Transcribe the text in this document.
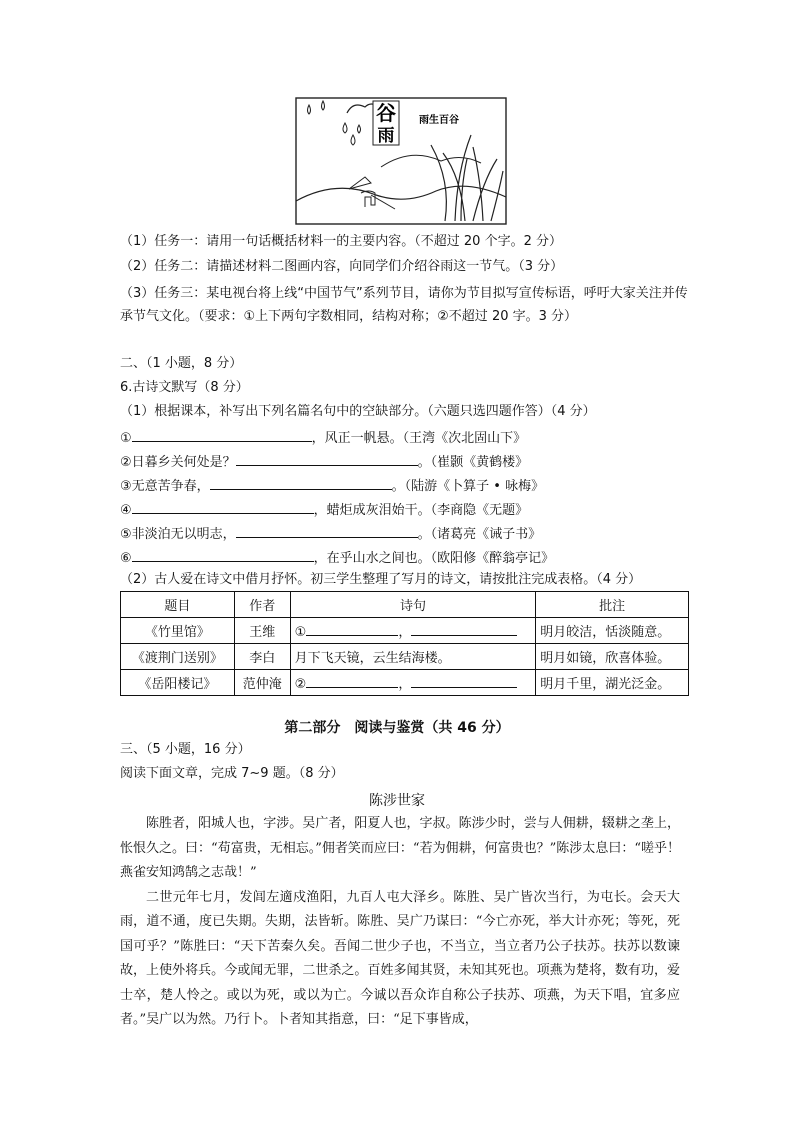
谷
雨
雨生百谷
（1）任务一：请用一句话概括材料一的主要内容。（不超过 20 个字。2 分）
（2）任务二：请描述材料二图画内容，向同学们介绍谷雨这一节气。（3 分）
（3）任务三：某电视台将上线“中国节气”系列节目，请你为节目拟写宣传标语，呼吁大家关注并传承节气文化。（要求：①上下两句字数相同，结构对称；②不超过 20 字。3 分）
二、（1 小题，8 分）
6.古诗文默写（8 分）
（1）根据课本，补写出下列名篇名句中的空缺部分。（六题只选四题作答）（4 分）
①	，风正一帆悬。（王湾《次北固山下》
②日暮乡关何处是？	。（崔颢《黄鹤楼》
③无意苦争春，	。（陆游《卜算子 • 咏梅》
④	，蜡炬成灰泪始干。（李商隐《无题》
⑤非淡泊无以明志，	。（诸葛亮《诫子书》
⑥	，在乎山水之间也。（欧阳修《醉翁亭记》
（2）古人爱在诗文中借月抒怀。初三学生整理了写月的诗文，请按批注完成表格。（4 分）
题目	作者	诗句	批注
《竹里馆》	王维	① ，	明月皎洁，恬淡随意。
《渡荆门送别》	李白	月下飞天镜，云生结海楼。	明月如镜，欣喜体验。
《岳阳楼记》	范仲淹	② ，	明月千里，湖光泛金。
第二部分　阅读与鉴赏（共 46 分）
三、（5 小题，16 分）
阅读下面文章，完成 7~9 题。（8 分）
陈涉世家

陈胜者，阳城人也，字涉。吴广者，阳夏人也，字叔。陈涉少时，尝与人佣耕，辍耕之垄上，怅恨久之。曰：“苟富贵，无相忘。”佣者笑而应曰：“若为佣耕，何富贵也？”陈涉太息曰：“嗟乎！燕雀安知鸿鹄之志哉！”

二世元年七月，发闾左適戍渔阳，九百人屯大泽乡。陈胜、吴广皆次当行，为屯长。会天大雨，道不通，度已失期。失期，法皆斩。陈胜、吴广乃谋曰：“今亡亦死，举大计亦死；等死，死国可乎？”陈胜曰：“天下苦秦久矣。吾闻二世少子也，不当立，当立者乃公子扶苏。扶苏以数谏故，上使外将兵。今或闻无罪，二世杀之。百姓多闻其贤，未知其死也。项燕为楚将，数有功，爱士卒，楚人怜之。或以为死，或以为亡。今诚以吾众诈自称公子扶苏、项燕，为天下唱，宜多应者。”吴广以为然。乃行卜。卜者知其指意，曰：“足下事皆成，
